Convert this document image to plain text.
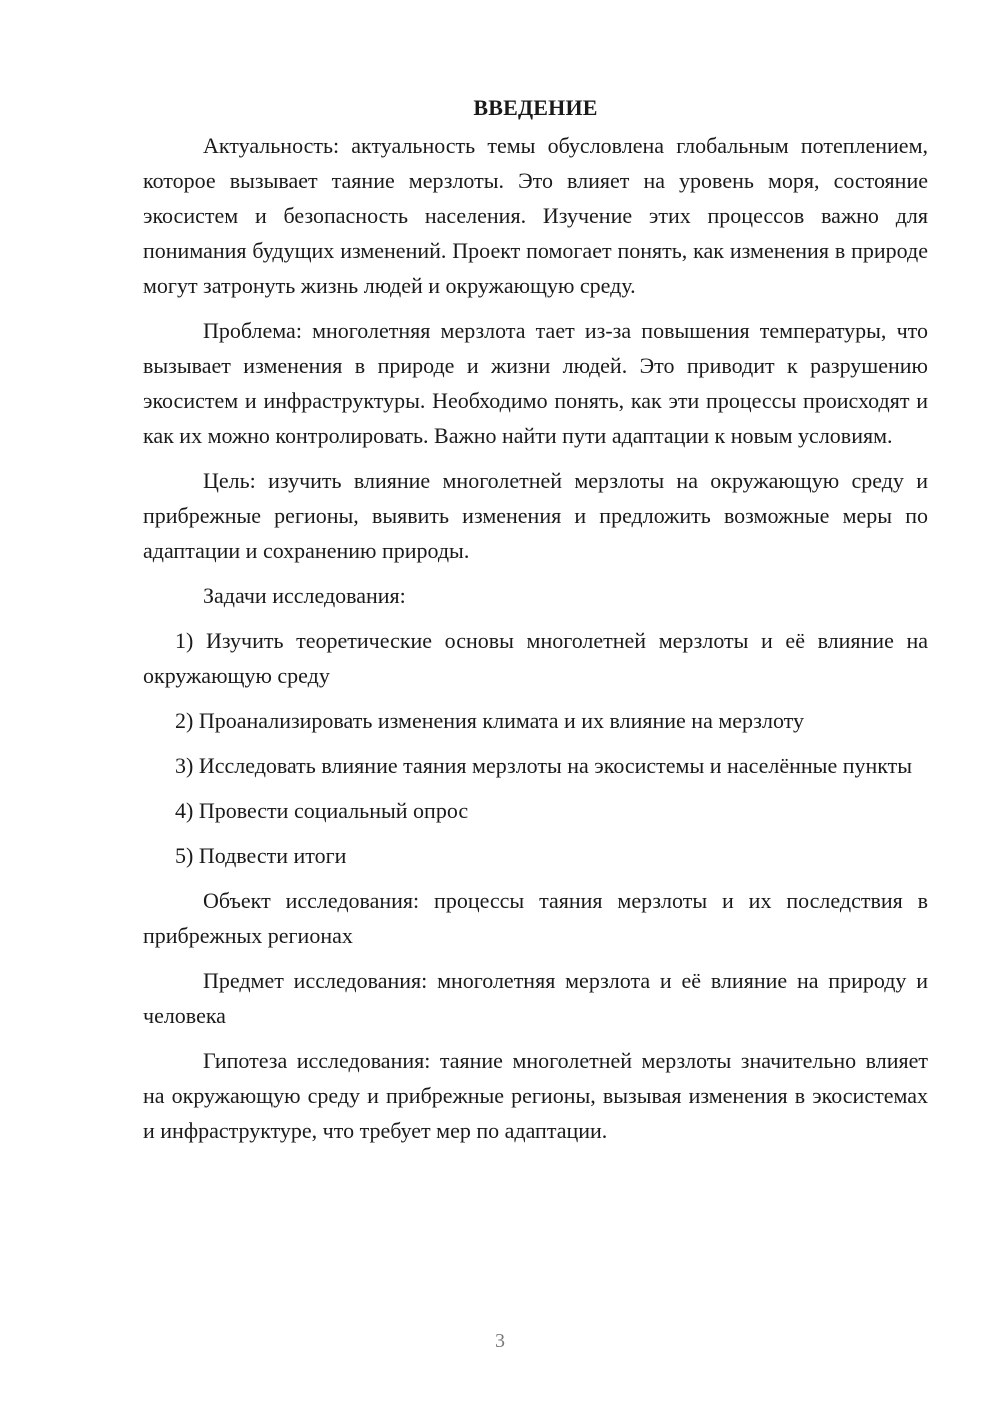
ВВЕДЕНИЕ

Актуальность: актуальность темы обусловлена глобальным потеплением, которое вызывает таяние мерзлоты. Это влияет на уровень моря, состояние экосистем и безопасность населения. Изучение этих процессов важно для понимания будущих изменений. Проект помогает понять, как изменения в природе могут затронуть жизнь людей и окружающую среду.

Проблема: многолетняя мерзлота тает из-за повышения температуры, что вызывает изменения в природе и жизни людей. Это приводит к разрушению экосистем и инфраструктуры. Необходимо понять, как эти процессы происходят и как их можно контролировать. Важно найти пути адаптации к новым условиям.

Цель: изучить влияние многолетней мерзлоты на окружающую среду и прибрежные регионы, выявить изменения и предложить возможные меры по адаптации и сохранению природы.

Задачи исследования:

1) Изучить теоретические основы многолетней мерзлоты и её влияние на окружающую среду

2) Проанализировать изменения климата и их влияние на мерзлоту

3) Исследовать влияние таяния мерзлоты на экосистемы и населённые пункты

4) Провести социальный опрос

5) Подвести итоги

Объект исследования: процессы таяния мерзлоты и их последствия в прибрежных регионах

Предмет исследования: многолетняя мерзлота и её влияние на природу и человека

Гипотеза исследования: таяние многолетней мерзлоты значительно влияет на окружающую среду и прибрежные регионы, вызывая изменения в экосистемах и инфраструктуре, что требует мер по адаптации.

3
